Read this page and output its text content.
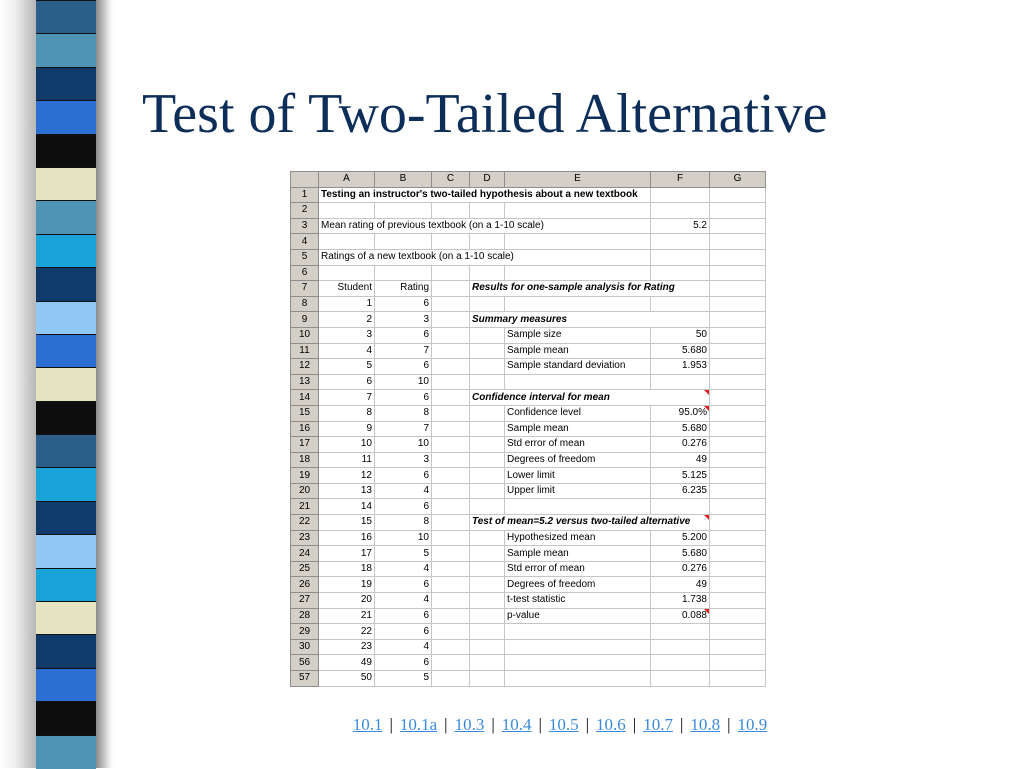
Test of Two-Tailed Alternative
	A	B	C	D	E	F	G
1	Testing an instructor's two-tailed hypothesis about a new textbook						
2							
3	Mean rating of previous textbook (on a 1-10 scale)					5.2	
4							
5	Ratings of a new textbook (on a 1-10 scale)						
6							
7	Student	Rating		Results for one-sample analysis for Rating			
8	1	6					
9	2	3		Summary measures			
10	3	6			Sample size	50	
11	4	7			Sample mean	5.680	
12	5	6			Sample standard deviation	1.953	
13	6	10					
14	7	6		Confidence interval for mean			
15	8	8			Confidence level	95.0%	
16	9	7			Sample mean	5.680	
17	10	10			Std error of mean	0.276	
18	11	3			Degrees of freedom	49	
19	12	6			Lower limit	5.125	
20	13	4			Upper limit	6.235	
21	14	6					
22	15	8		Test of mean=5.2 versus two-tailed alternative			
23	16	10			Hypothesized mean	5.200	
24	17	5			Sample mean	5.680	
25	18	4			Std error of mean	0.276	
26	19	6			Degrees of freedom	49	
27	20	4			t-test statistic	1.738	
28	21	6			p-value	0.088	
29	22	6					
30	23	4					
56	49	6					
57	50	5					
10.1 | 10.1a | 10.3 | 10.4 | 10.5 | 10.6 | 10.7 | 10.8 | 10.9
